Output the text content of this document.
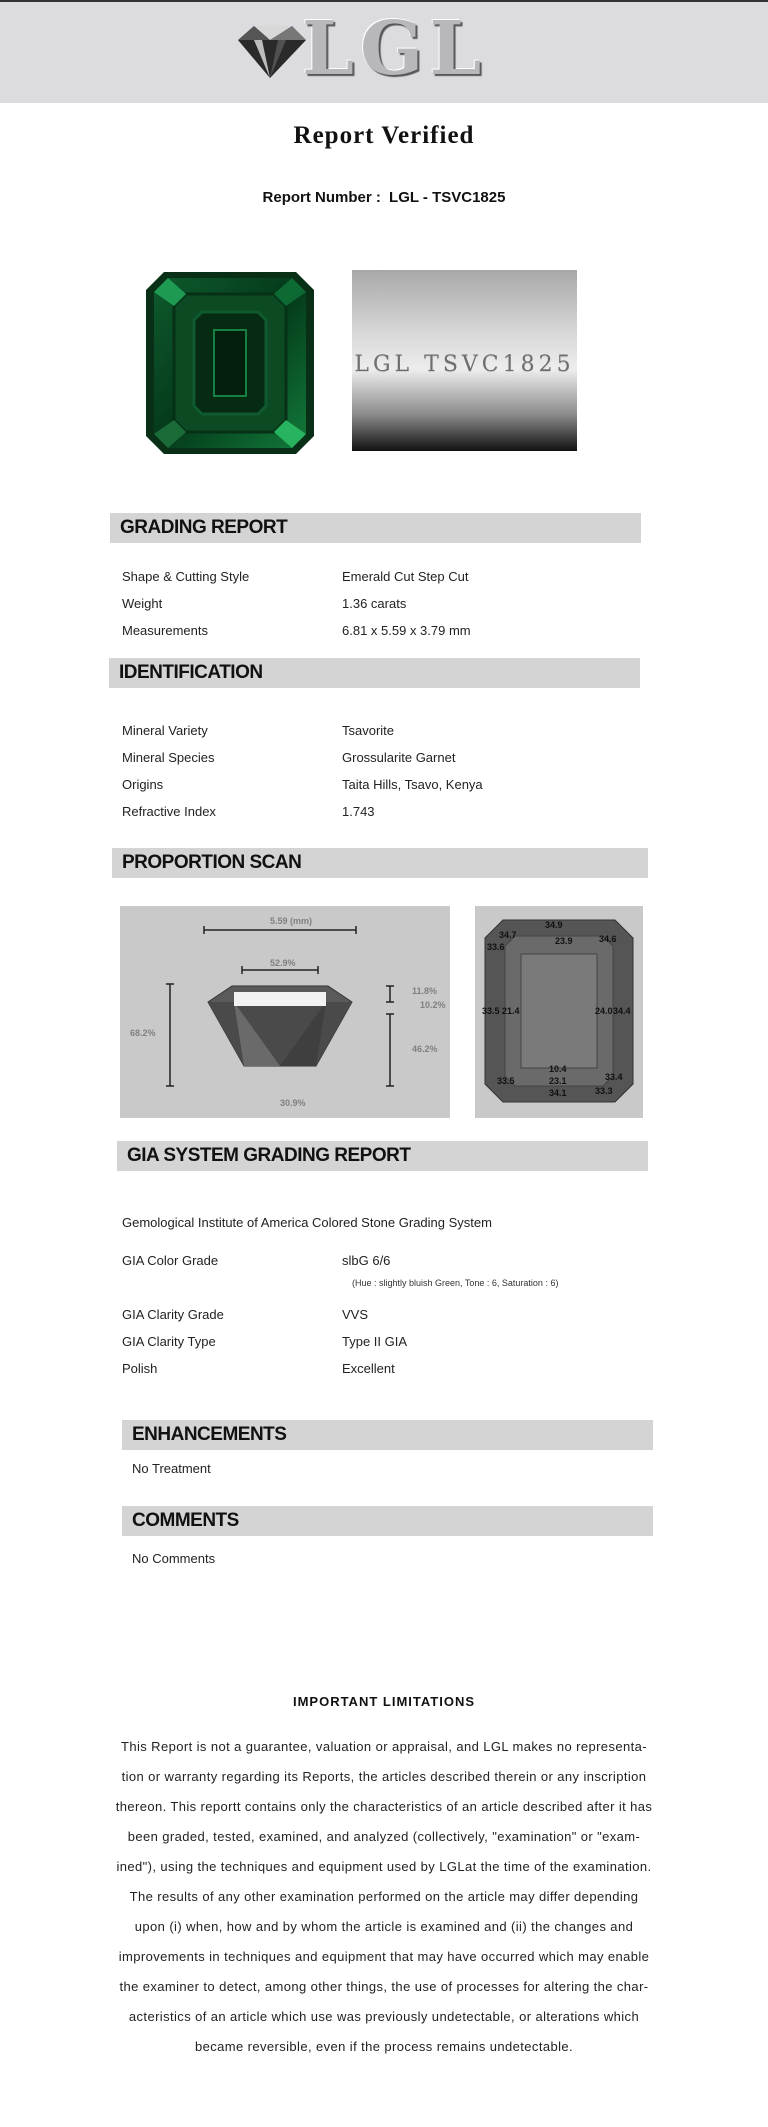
LGL
Report Verified
Report Number : LGL - TSVC1825
LGL TSVC1825
GRADING REPORT
Shape & Cutting Style	Emerald Cut Step Cut
Weight	1.36 carats
Measurements	6.81 x 5.59 x 3.79 mm
IDENTIFICATION
Mineral Variety	Tsavorite
Mineral Species	Grossularite Garnet
Origins	Taita Hills, Tsavo, Kenya
Refractive Index	1.743
PROPORTION SCAN
5.59 (mm)
52.9%
68.2%
11.8%
10.2%
46.2%
30.9%
34.9
34.7	34.6
33.6
23.9
33.5 21.4	24.0 34.4
10.4
33.5	23.1	33.4
34.1	33.3
GIA SYSTEM GRADING REPORT
Gemological Institute of America Colored Stone Grading System
GIA Color Grade	slbG 6/6
(Hue : slightly bluish Green, Tone : 6, Saturation : 6)
GIA Clarity Grade	VVS
GIA Clarity Type	Type II GIA
Polish	Excellent
ENHANCEMENTS
No Treatment
COMMENTS
No Comments
IMPORTANT LIMITATIONS
This Report is not a guarantee, valuation or appraisal, and LGL makes no representa-
tion or warranty regarding its Reports, the articles described therein or any inscription
thereon. This reportt contains only the characteristics of an article described after it has
been graded, tested, examined, and analyzed (collectively, "examination" or "exam-
ined"), using the techniques and equipment used by LGLat the time of the examination.
The results of any other examination performed on the article may differ depending
upon (i) when, how and by whom the article is examined and (ii) the changes and
improvements in techniques and equipment that may have occurred which may enable
the examiner to detect, among other things, the use of processes for altering the char-
acteristics of an article which use was previously undetectable, or alterations which
became reversible, even if the process remains undetectable.
